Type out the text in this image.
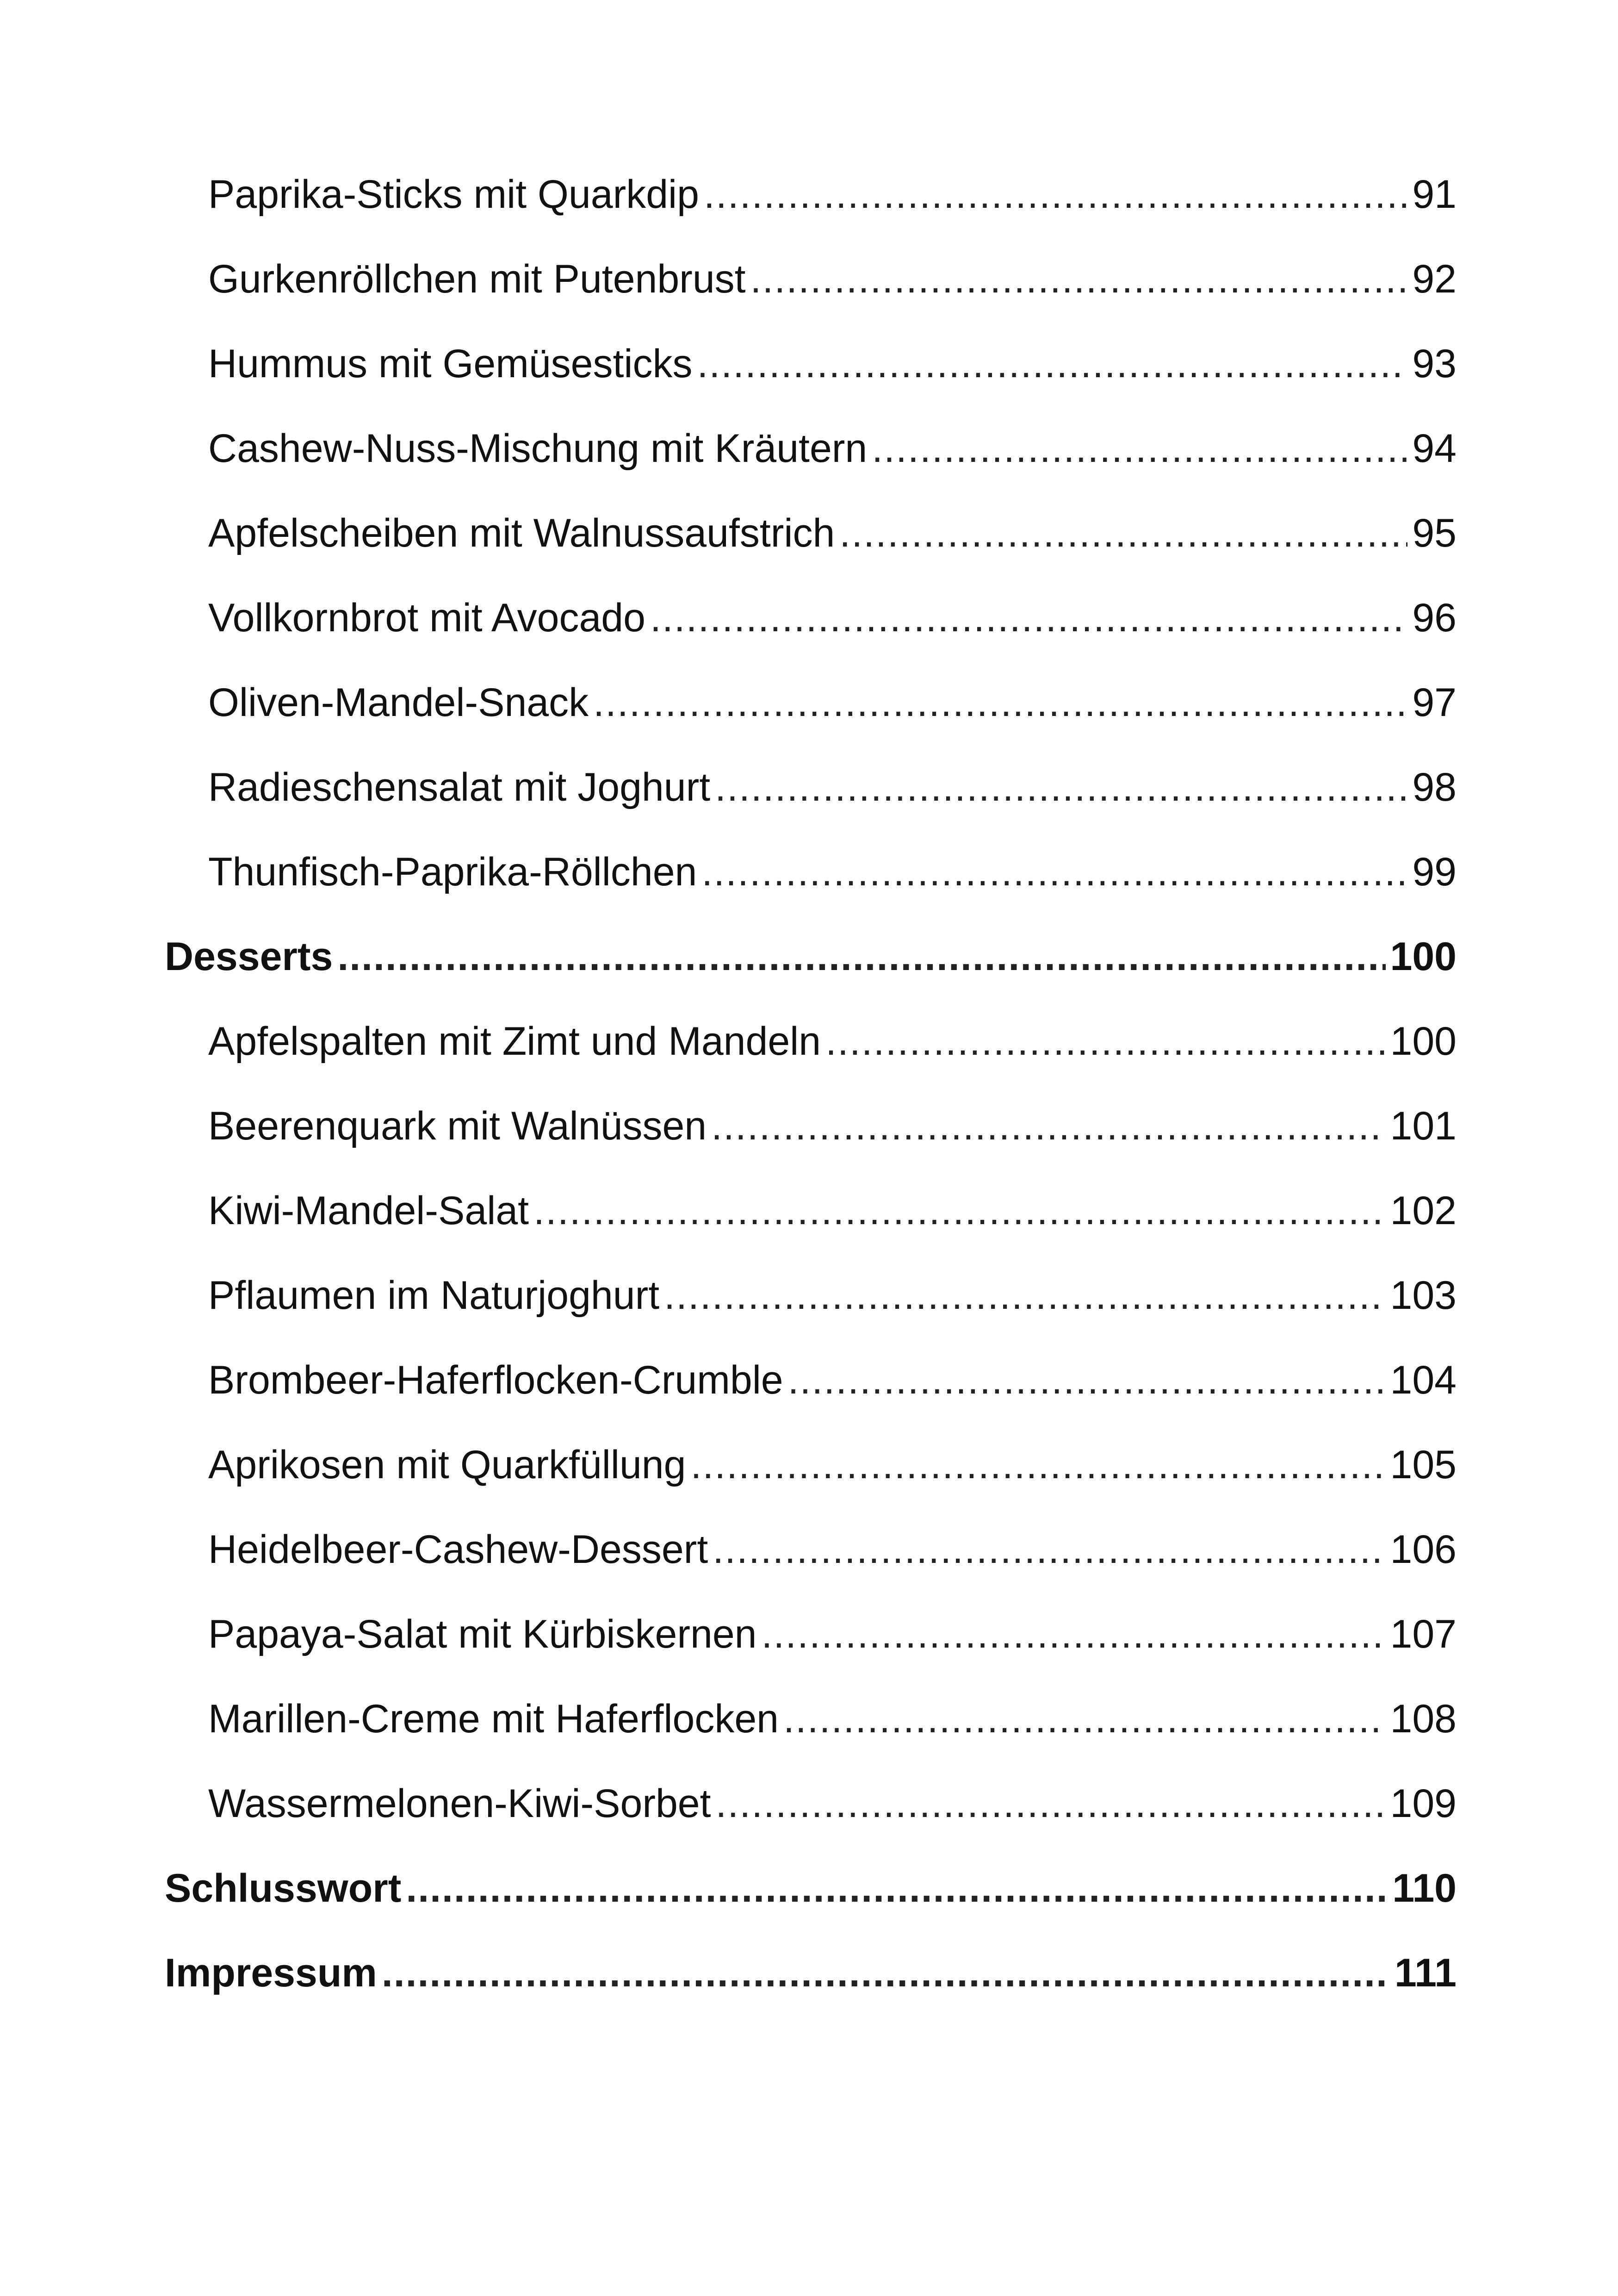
Paprika-Sticks mit Quarkdip .....	91
Gurkenröllchen mit Putenbrust .....	92
Hummus mit Gemüsesticks .....	93
Cashew-Nuss-Mischung mit Kräutern .....	94
Apfelscheiben mit Walnussaufstrich .....	95
Vollkornbrot mit Avocado .....	96
Oliven-Mandel-Snack .....	97
Radieschensalat mit Joghurt .....	98
Thunfisch-Paprika-Röllchen .....	99
Desserts .....	100
Apfelspalten mit Zimt und Mandeln .....	100
Beerenquark mit Walnüssen .....	101
Kiwi-Mandel-Salat .....	102
Pflaumen im Naturjoghurt .....	103
Brombeer-Haferflocken-Crumble .....	104
Aprikosen mit Quarkfüllung .....	105
Heidelbeer-Cashew-Dessert .....	106
Papaya-Salat mit Kürbiskernen .....	107
Marillen-Creme mit Haferflocken .....	108
Wassermelonen-Kiwi-Sorbet .....	109
Schlusswort .....	110
Impressum .....	111
